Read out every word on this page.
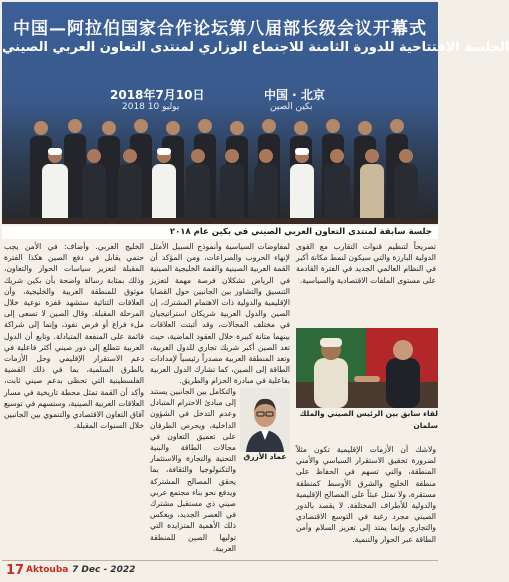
中国—阿拉伯国家合作论坛第八届部长级会议开幕式
الجلسة الافتتاحية للدورة الثامنة للاجتماع الوزاري لمنتدى التعاون العربي الصيني
2018年7月10日	中国 · 北京
2018 يوليو 10	بكين الصين
جلسة سابقة لمنتدى التعاون العربي الصيني في بكين عام ٢٠١٨
تصريحاً لتنظيم قنوات التقارب مع القوى الدولية البارزة والتي سيكون لنمط مكانة أكبر في النظام العالمي الجديد في الفترة القادمة على مستوى الملفات الاقتصادية والسياسية.
لقاء سابق بين الرئيس الصيني والملك سلمان
ولاشك أن الأزمات الإقليمية تكون مثلاً لضرورة تحقيق الاستقرار السياسي والأمني المنطقة، والتي تسهم في الحفاظ على منطقة الخليج والشرق الأوسط كمنطقة مستقرة، ولا تمثل عبئاً على المصالح الإقليمية والدولية للأطراف المختلفة. لا يقصد بالدور الصيني مجرد رغبة في التوسع الاقتصادي والتجاري وإنما يمتد إلى تعزيز السلام وأمن الطاقة عبر الحوار والتنمية.
لمفاوضات السياسية وأنموذج السبيل الأمثل لإنهاء الحروب والصراعات، ومن المؤكد أن القمة العربية الصينية والقمة الخليجية الصينية في الرياض تشكلان فرصة مهمة لتعزيز التنسيق والتشاور بين الجانبين حول القضايا الإقليمية والدولية ذات الاهتمام المشترك، إن الصين والدول العربية شريكان استراتيجيان في مختلف المجالات، وقد أثبتت العلاقات بينهما متانة كبيرة خلال العقود الماضية، حيث تعد الصين أكبر شريك تجاري للدول العربية، وتعد المنطقة العربية مصدراً رئيسياً لإمدادات الطاقة إلى الصين، كما تشارك الدول العربية بفاعلية في مبادرة الحزام والطريق.
عماد الأزرق
والتكامل بين الجانبين يستند إلى مبادئ الاحترام المتبادل وعدم التدخل في الشؤون الداخلية، ويحرص الطرفان على تعميق التعاون في مجالات الطاقة والبنية التحتية والتجارة والاستثمار والتكنولوجيا والثقافة، بما يحقق المصالح المشتركة ويدفع نحو بناء مجتمع عربي صيني ذي مستقبل مشترك في العصر الجديد، ويعكس ذلك الأهمية المتزايدة التي توليها الصين للمنطقة العربية.
الخليج العربي. وأضاف: في الأمن يجب حتمي يقابل في دفع الصين هكذا الفترة المقبلة لتعزيز سياسات الحوار والتعاون، وذلك بمثابة رسالة واضحة بأن بكين شريك موثوق للمنطقة العربية والخليجية، وأن العلاقات الثنائية ستشهد قفزة نوعية خلال المرحلة المقبلة. وقال الصين لا تسعى إلى ملء فراغ أو فرض نفوذ، وإنما إلى شراكة قائمة على المنفعة المتبادلة. وتابع أن الدول العربية تتطلع إلى دور صيني أكثر فاعلية في دعم الاستقرار الإقليمي وحل الأزمات بالطرق السلمية، بما في ذلك القضية الفلسطينية التي تحظى بدعم صيني ثابت، وأكد أن القمة تمثل محطة تاريخية في مسار العلاقات العربية الصينية، وستسهم في توسيع آفاق التعاون الاقتصادي والتنموي بين الجانبين خلال السنوات المقبلة.
17 Aktouba 7 Dec - 2022
